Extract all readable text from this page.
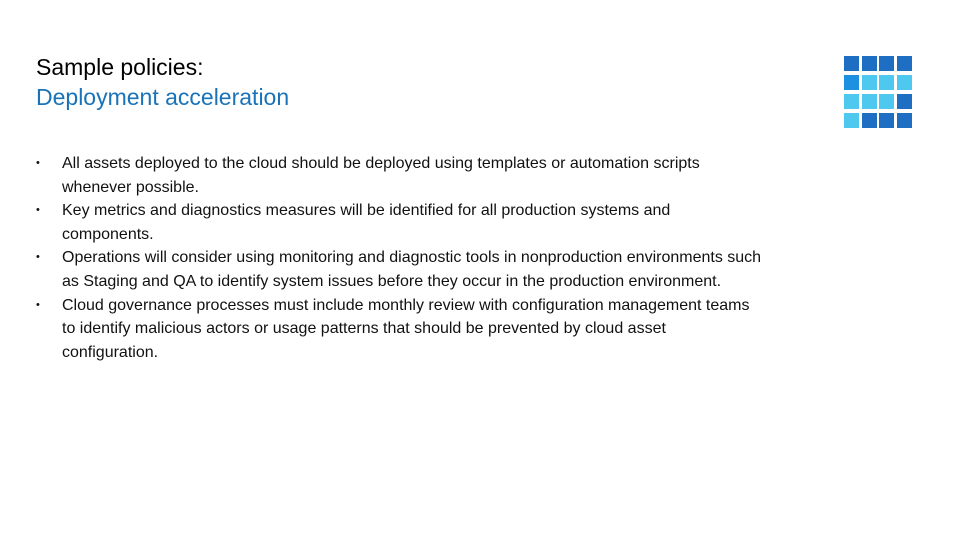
Sample policies:
Deployment acceleration
• All assets deployed to the cloud should be deployed using templates or automation scripts whenever possible.
• Key metrics and diagnostics measures will be identified for all production systems and components.
• Operations will consider using monitoring and diagnostic tools in nonproduction environments such as Staging and QA to identify system issues before they occur in the production environment.
• Cloud governance processes must include monthly review with configuration management teams to identify malicious actors or usage patterns that should be prevented by cloud asset configuration.
